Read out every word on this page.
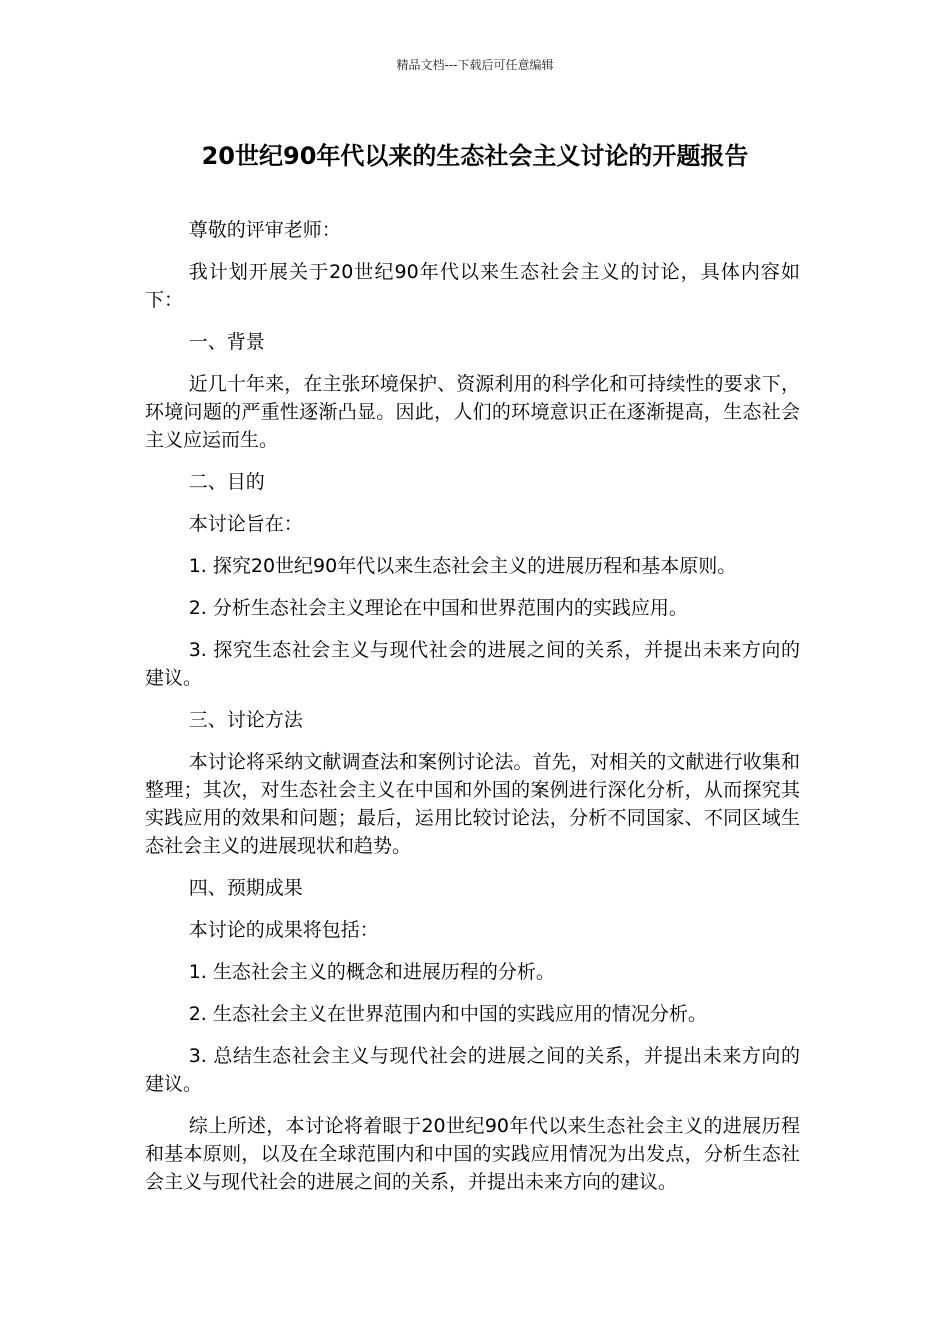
精品文档---下载后可任意编辑
20世纪90年代以来的生态社会主义讨论的开题报告

尊敬的评审老师：

我计划开展关于20世纪90年代以来生态社会主义的讨论，具体内容如下：

一、背景

近几十年来，在主张环境保护、资源利用的科学化和可持续性的要求下，环境问题的严重性逐渐凸显。因此，人们的环境意识正在逐渐提高，生态社会主义应运而生。

二、目的

本讨论旨在：

1. 探究20世纪90年代以来生态社会主义的进展历程和基本原则。

2. 分析生态社会主义理论在中国和世界范围内的实践应用。

3. 探究生态社会主义与现代社会的进展之间的关系，并提出未来方向的建议。

三、讨论方法

本讨论将采纳文献调查法和案例讨论法。首先，对相关的文献进行收集和整理；其次，对生态社会主义在中国和外国的案例进行深化分析，从而探究其实践应用的效果和问题；最后，运用比较讨论法，分析不同国家、不同区域生态社会主义的进展现状和趋势。

四、预期成果

本讨论的成果将包括：

1. 生态社会主义的概念和进展历程的分析。

2. 生态社会主义在世界范围内和中国的实践应用的情况分析。

3. 总结生态社会主义与现代社会的进展之间的关系，并提出未来方向的建议。

综上所述，本讨论将着眼于20世纪90年代以来生态社会主义的进展历程和基本原则，以及在全球范围内和中国的实践应用情况为出发点，分析生态社会主义与现代社会的进展之间的关系，并提出未来方向的建议。
